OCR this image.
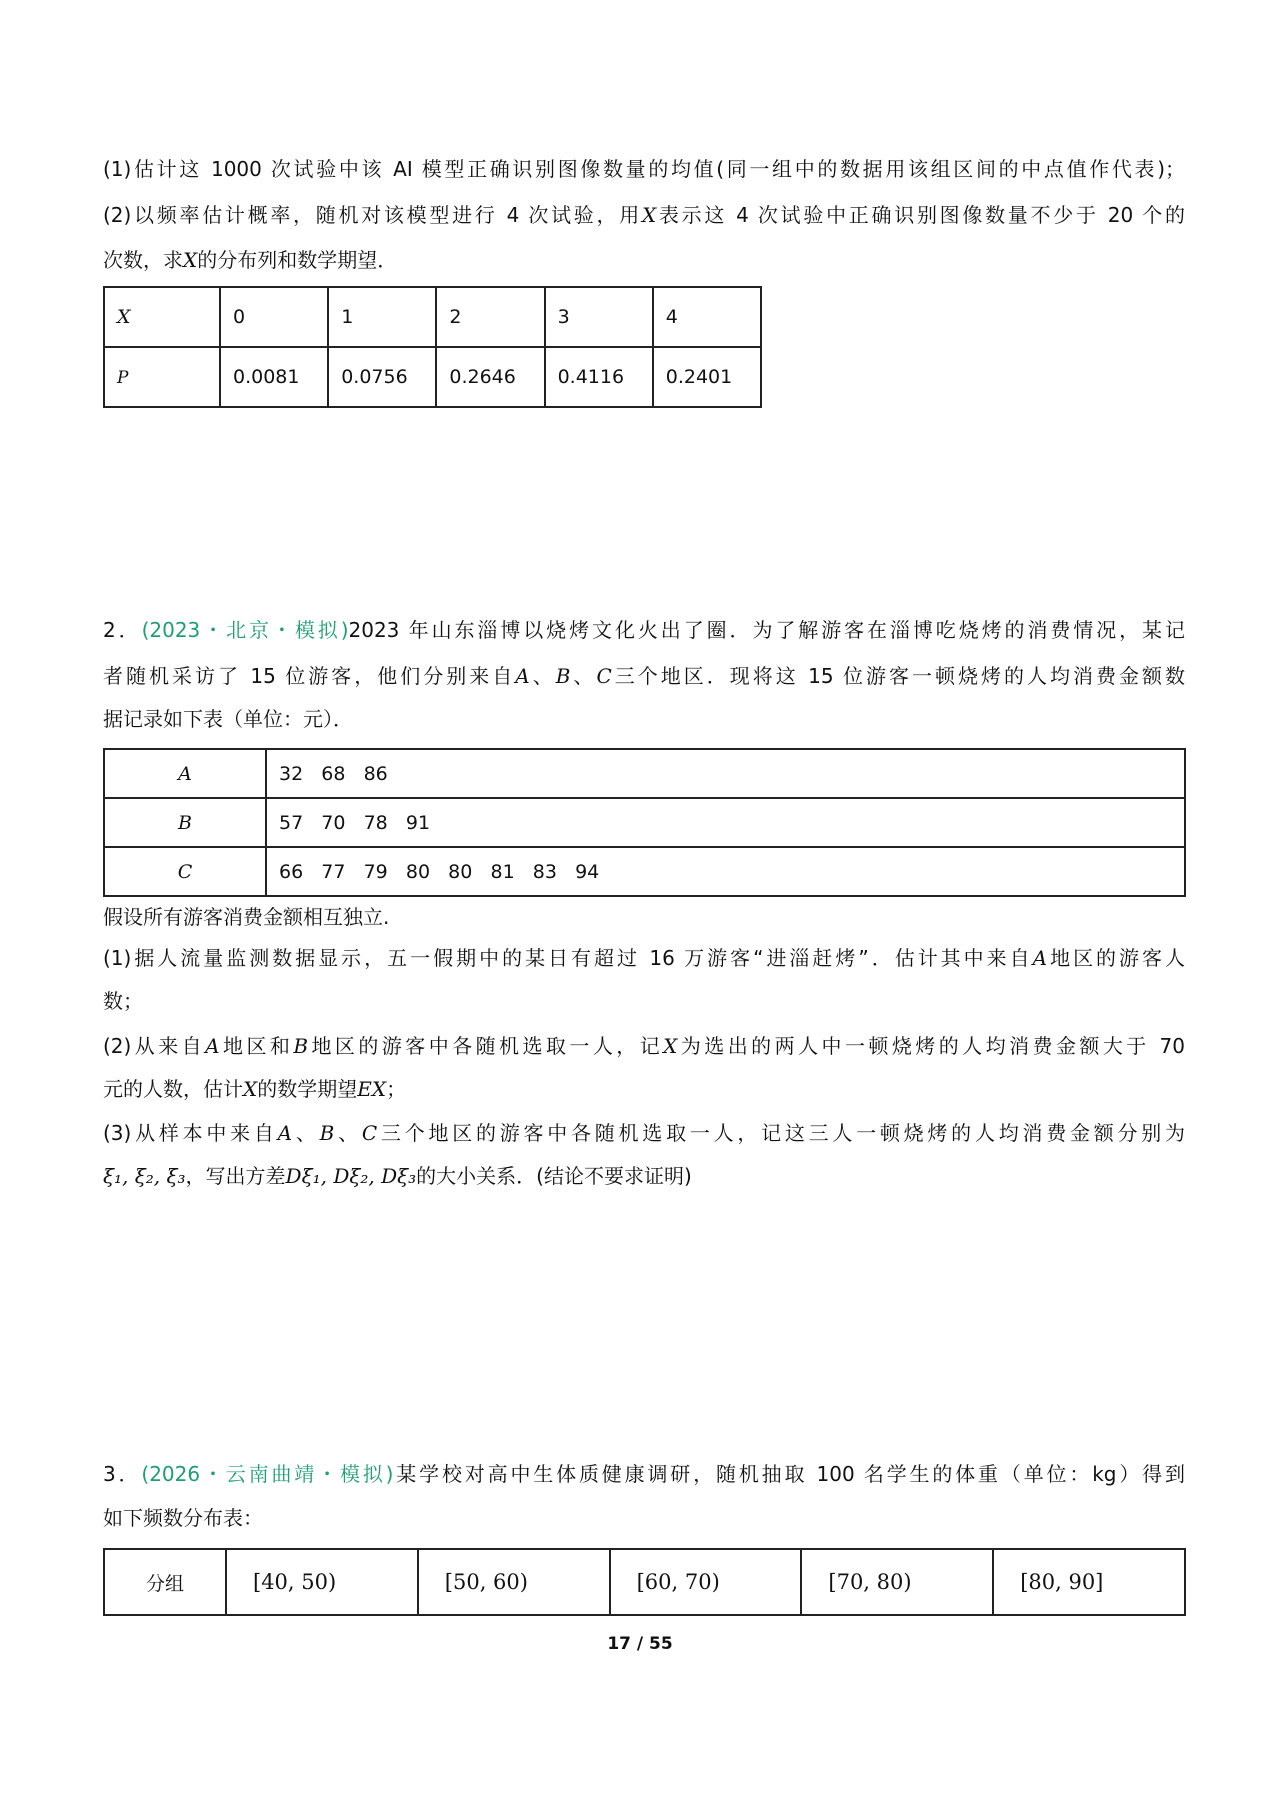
(1)估计这 1000 次试验中该 AI 模型正确识别图像数量的均值(同一组中的数据用该组区间的中点值作代表)；
(2)以频率估计概率，随机对该模型进行 4 次试验，用X表示这 4 次试验中正确识别图像数量不少于 20 个的
次数，求X的分布列和数学期望．
X	0	1	2	3	4
P	0.0081	0.0756	0.2646	0.4116	0.2401
2．(2023・北京・模拟)2023 年山东淄博以烧烤文化火出了圈．为了解游客在淄博吃烧烤的消费情况，某记
者随机采访了 15 位游客，他们分别来自A、B、C三个地区．现将这 15 位游客一顿烧烤的人均消费金额数
据记录如下表（单位：元）．
A	32   68   86
B	57   70   78   91
C	66   77   79   80   80   81   83   94
假设所有游客消费金额相互独立.
(1)据人流量监测数据显示，五一假期中的某日有超过 16 万游客“进淄赶烤”．估计其中来自A地区的游客人
数；
(2)从来自A地区和B地区的游客中各随机选取一人，记X为选出的两人中一顿烧烤的人均消费金额大于 70
元的人数，估计X的数学期望EX；
(3)从样本中来自A、B、C三个地区的游客中各随机选取一人，记这三人一顿烧烤的人均消费金额分别为
ξ₁, ξ₂, ξ₃，写出方差Dξ₁, Dξ₂, Dξ₃的大小关系．(结论不要求证明)
3．(2026・云南曲靖・模拟)某学校对高中生体质健康调研，随机抽取 100 名学生的体重（单位：kg）得到
如下频数分布表：
分组	[40, 50)	[50, 60)	[60, 70)	[70, 80)	[80, 90]
17 / 55
